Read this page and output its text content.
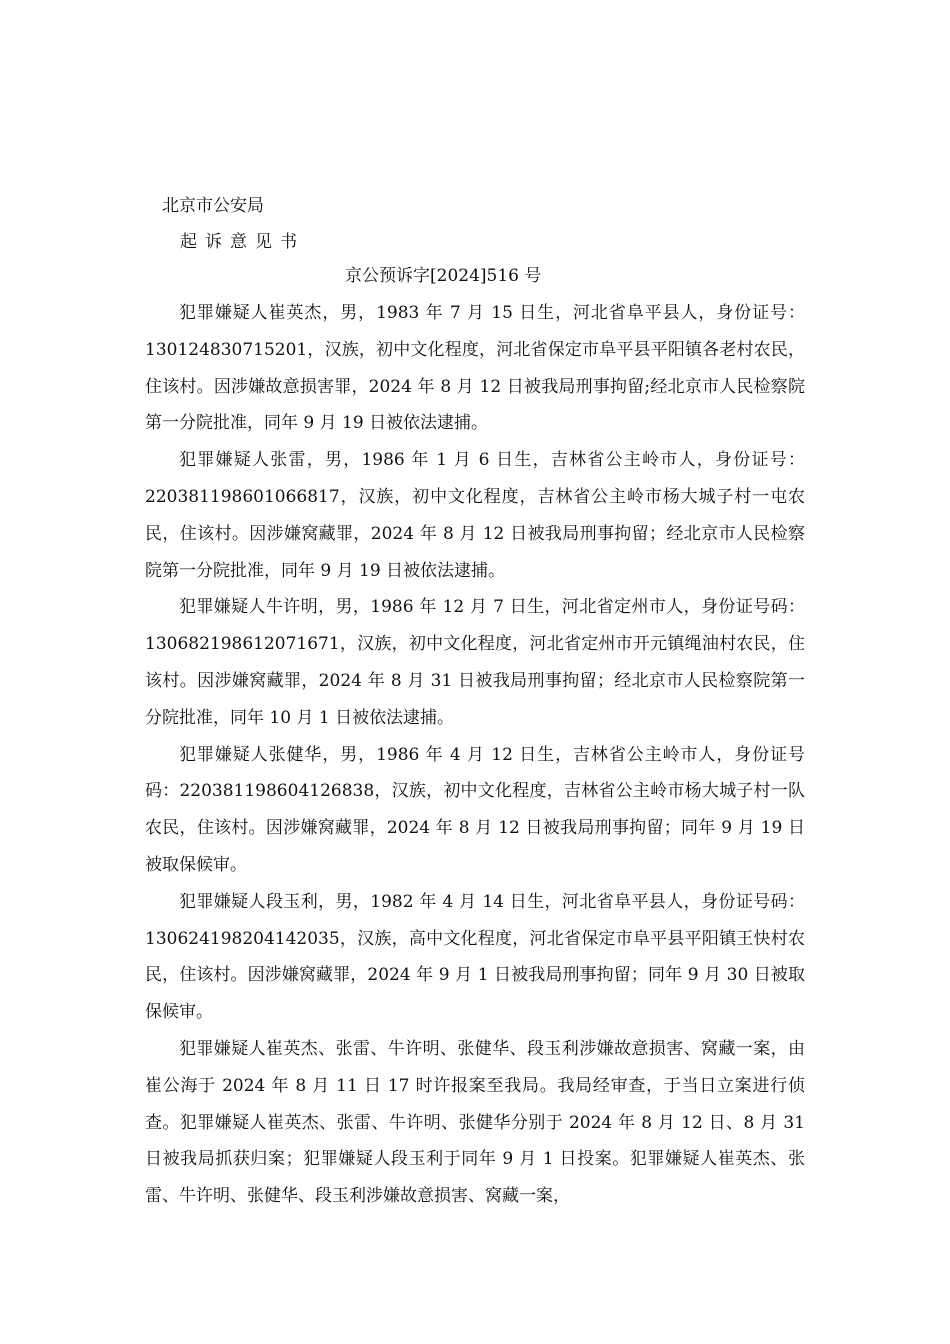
北京市公安局
起诉意见书
京公预诉字[2024]516 号

犯罪嫌疑人崔英杰，男，1983 年 7 月 15 日生，河北省阜平县人，身份证号：130124830715201，汉族，初中文化程度，河北省保定市阜平县平阳镇各老村农民，住该村。因涉嫌故意损害罪，2024 年 8 月 12 日被我局刑事拘留;经北京市人民检察院第一分院批准，同年 9 月 19 日被依法逮捕。

犯罪嫌疑人张雷，男，1986 年 1 月 6 日生，吉林省公主岭市人，身份证号：220381198601066817，汉族，初中文化程度，吉林省公主岭市杨大城子村一屯农民，住该村。因涉嫌窝藏罪，2024 年 8 月 12 日被我局刑事拘留；经北京市人民检察院第一分院批准，同年 9 月 19 日被依法逮捕。

犯罪嫌疑人牛许明，男，1986 年 12 月 7 日生，河北省定州市人，身份证号码：130682198612071671，汉族，初中文化程度，河北省定州市开元镇绳油村农民，住该村。因涉嫌窝藏罪，2024 年 8 月 31 日被我局刑事拘留；经北京市人民检察院第一分院批准，同年 10 月 1 日被依法逮捕。

犯罪嫌疑人张健华，男，1986 年 4 月 12 日生，吉林省公主岭市人，身份证号码：220381198604126838，汉族，初中文化程度，吉林省公主岭市杨大城子村一队农民，住该村。因涉嫌窝藏罪，2024 年 8 月 12 日被我局刑事拘留；同年 9 月 19 日被取保候审。

犯罪嫌疑人段玉利，男，1982 年 4 月 14 日生，河北省阜平县人，身份证号码：130624198204142035，汉族，高中文化程度，河北省保定市阜平县平阳镇王快村农民，住该村。因涉嫌窝藏罪，2024 年 9 月 1 日被我局刑事拘留；同年 9 月 30 日被取保候审。

犯罪嫌疑人崔英杰、张雷、牛许明、张健华、段玉利涉嫌故意损害、窝藏一案，由崔公海于 2024 年 8 月 11 日 17 时许报案至我局。我局经审查，于当日立案进行侦查。犯罪嫌疑人崔英杰、张雷、牛许明、张健华分别于 2024 年 8 月 12 日、8 月 31 日被我局抓获归案；犯罪嫌疑人段玉利于同年 9 月 1 日投案。犯罪嫌疑人崔英杰、张雷、牛许明、张健华、段玉利涉嫌故意损害、窝藏一案，
